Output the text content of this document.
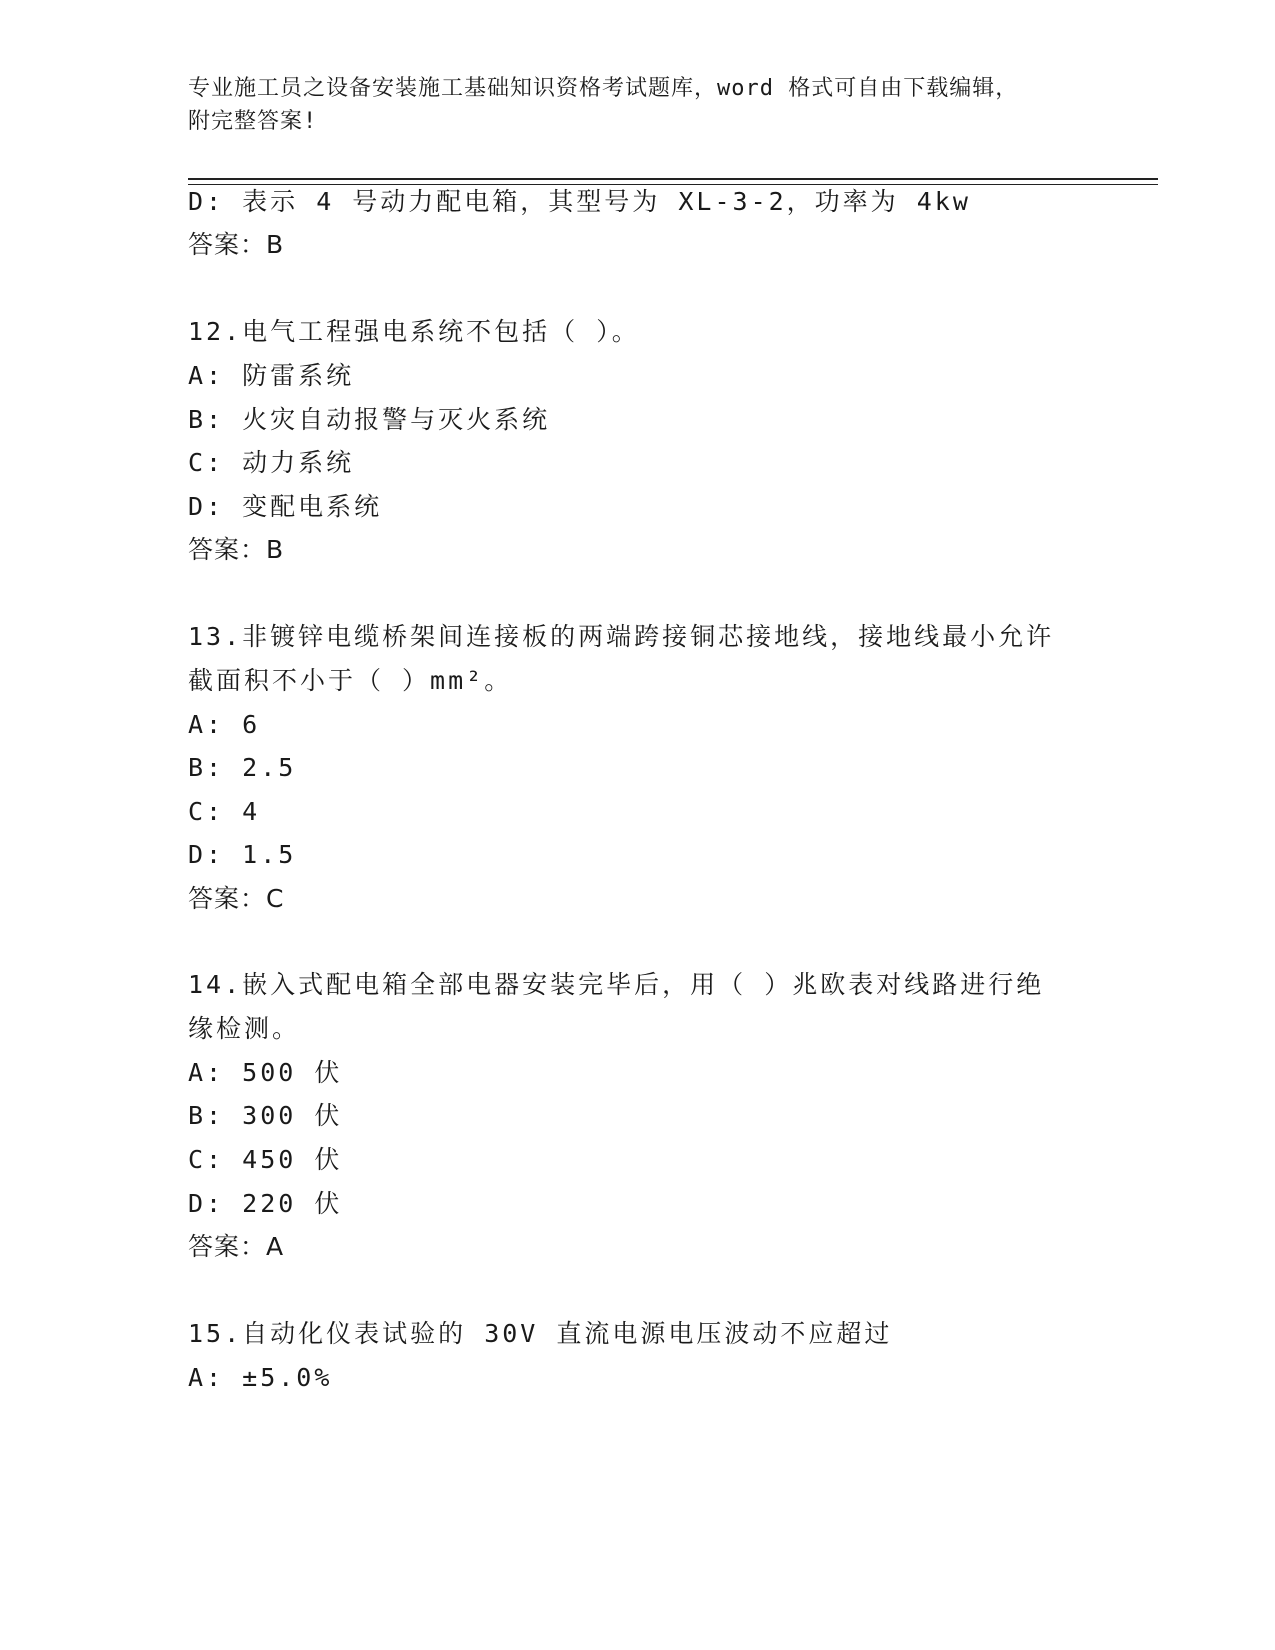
专业施工员之设备安装施工基础知识资格考试题库，word 格式可自由下载编辑，
附完整答案!
D: 表示 4 号动力配电箱，其型号为 XL-3-2，功率为 4kw
答案：B
12.电气工程强电系统不包括（ ）。
A: 防雷系统
B: 火灾自动报警与灭火系统
C: 动力系统
D: 变配电系统
答案：B
13.非镀锌电缆桥架间连接板的两端跨接铜芯接地线，接地线最小允许
截面积不小于（ ）mm²。
A: 6
B: 2.5
C: 4
D: 1.5
答案：C
14.嵌入式配电箱全部电器安装完毕后，用（ ）兆欧表对线路进行绝
缘检测。
A: 500 伏
B: 300 伏
C: 450 伏
D: 220 伏
答案：A
15.自动化仪表试验的 30V 直流电源电压波动不应超过
A: ±5.0%
